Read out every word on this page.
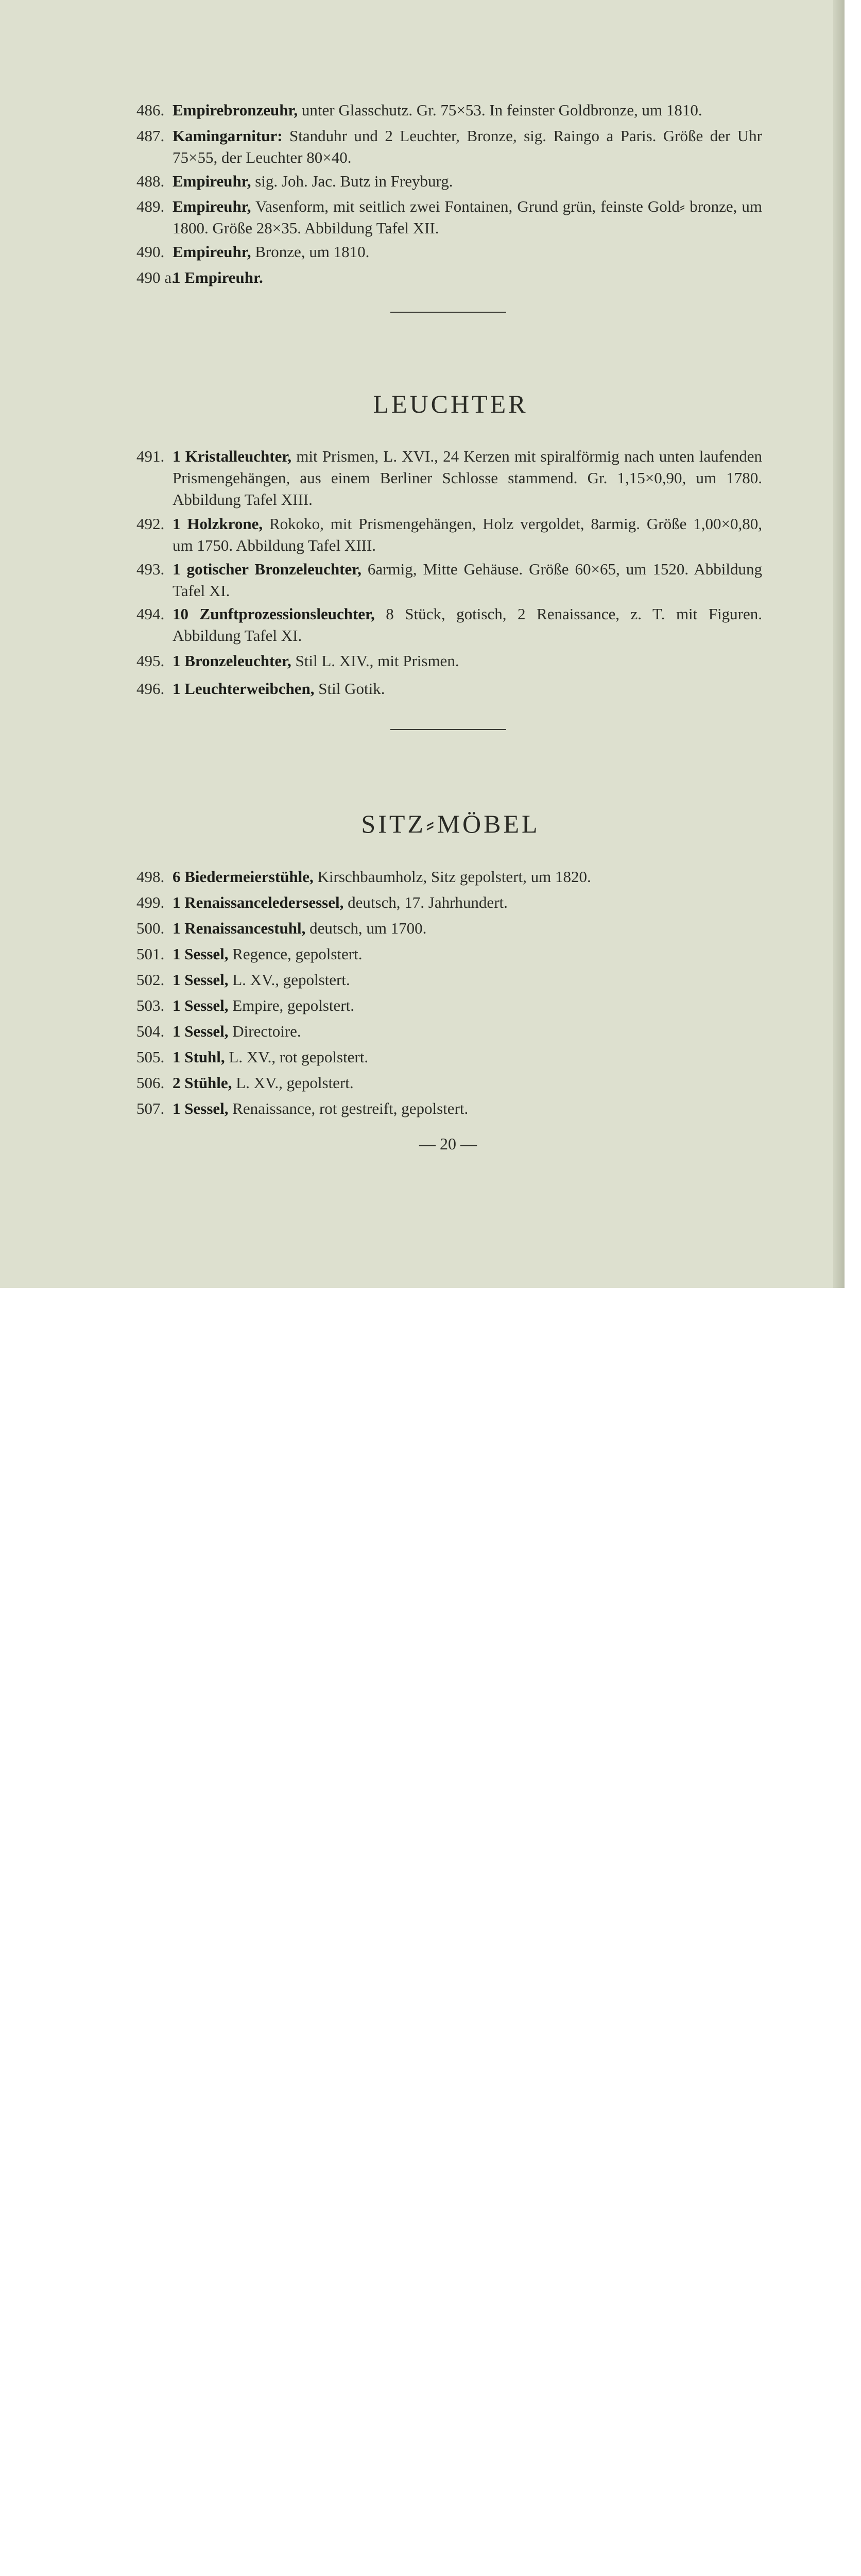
486. Empirebronzeuhr, unter Glasschutz. Gr. 75×53. In feinster Goldbronze, um 1810.
487. Kamingarnitur: Standuhr und 2 Leuchter, Bronze, sig. Raingo a Paris. Größe der Uhr 75×55, der Leuchter 80×40.
488. Empireuhr, sig. Joh. Jac. Butz in Freyburg.
489. Empireuhr, Vasenform, mit seitlich zwei Fontainen, Grund grün, feinste Gold⸗ bronze, um 1800. Größe 28×35. Abbildung Tafel XII.
490. Empireuhr, Bronze, um 1810.
490 a.
1 Empireuhr.
LEUCHTER
491. 1 Kristalleuchter, mit Prismen, L. XVI., 24 Kerzen mit spiralförmig nach unten laufenden Prismengehängen, aus einem Berliner Schlosse stammend. Gr. 1,15×0,90, um 1780. Abbildung Tafel XIII.
492. 1 Holzkrone, Rokoko, mit Prismengehängen, Holz vergoldet, 8armig. Größe 1,00×0,80, um 1750. Abbildung Tafel XIII.
493. 1 gotischer Bronzeleuchter, 6armig, Mitte Gehäuse. Größe 60×65, um 1520. Abbildung Tafel XI.
494. 10 Zunftprozessionsleuchter, 8 Stück, gotisch, 2 Renaissance, z. T. mit Figuren. Abbildung Tafel XI.
495. 1 Bronzeleuchter, Stil L. XIV., mit Prismen.
496. 1 Leuchterweibchen, Stil Gotik.
SITZ⸗MÖBEL
498. 6 Biedermeierstühle, Kirschbaumholz, Sitz gepolstert, um 1820.
499. 1 Renaissanceledersessel, deutsch, 17. Jahrhundert.
500. 1 Renaissancestuhl, deutsch, um 1700.
501. 1 Sessel, Regence, gepolstert.
502. 1 Sessel, L. XV., gepolstert.
503. 1 Sessel, Empire, gepolstert.
504. 1 Sessel, Directoire.
505. 1 Stuhl, L. XV., rot gepolstert.
506. 2 Stühle, L. XV., gepolstert.
507. 1 Sessel, Renaissance, rot gestreift, gepolstert.
— 20 —
